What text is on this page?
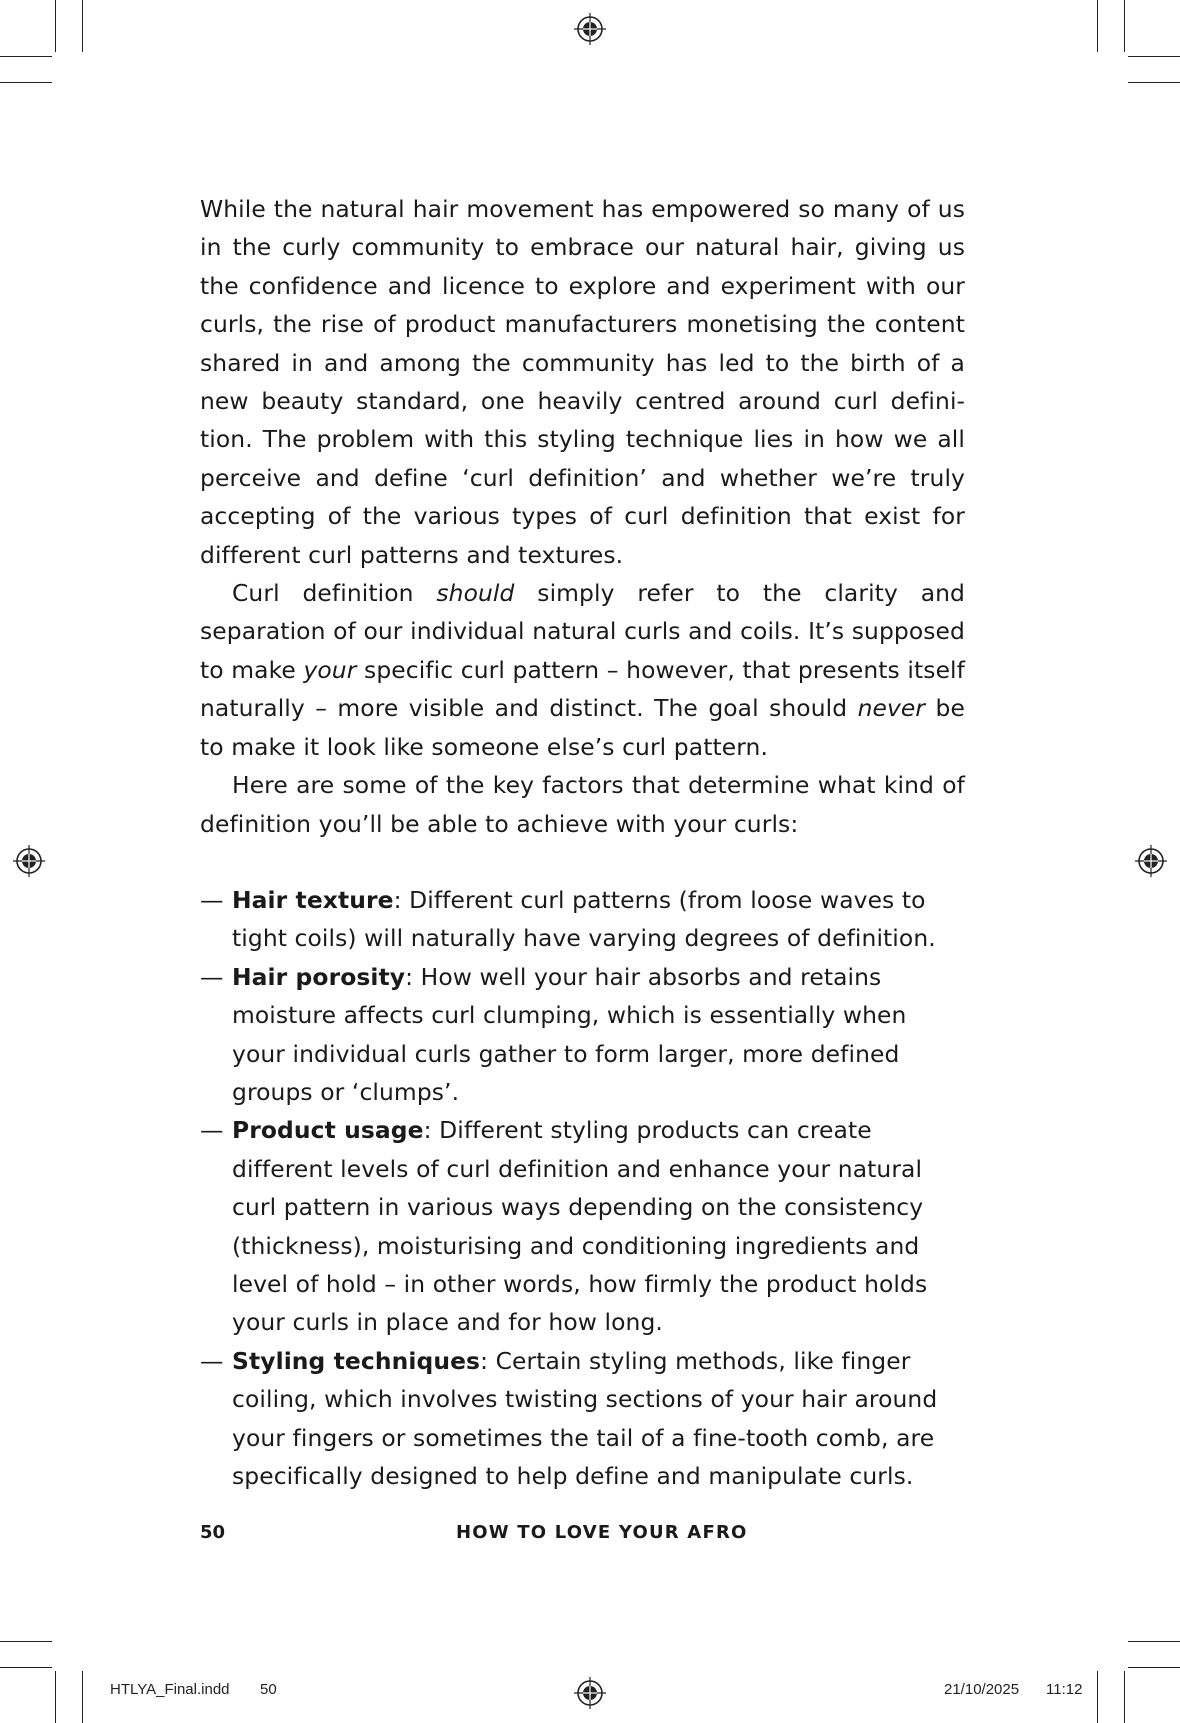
While the natural hair movement has empowered so many of us in the curly community to embrace our natural hair, giving us the confidence and licence to explore and experiment with our curls, the rise of product manufacturers monetising the content shared in and among the community has led to the birth of a new beauty standard, one heavily centred around curl definition. The problem with this styling technique lies in how we all perceive and define ‘curl definition’ and whether we’re truly accepting of the various types of curl definition that exist for different curl patterns and textures.

Curl definition should simply refer to the clarity and separation of our individual natural curls and coils. It’s supposed to make your specific curl pattern – however, that presents itself naturally – more visible and distinct. The goal should never be to make it look like someone else’s curl pattern.

Here are some of the key factors that determine what kind of definition you’ll be able to achieve with your curls:

— Hair texture: Different curl patterns (from loose waves to tight coils) will naturally have varying degrees of definition.
— Hair porosity: How well your hair absorbs and retains moisture affects curl clumping, which is essentially when your individual curls gather to form larger, more defined groups or ‘clumps’.
— Product usage: Different styling products can create different levels of curl definition and enhance your natural curl pattern in various ways depending on the consistency (thickness), moisturising and conditioning ingredients and level of hold – in other words, how firmly the product holds your curls in place and for how long.
— Styling techniques: Certain styling methods, like finger coiling, which involves twisting sections of your hair around your fingers or sometimes the tail of a fine-tooth comb, are specifically designed to help define and manipulate curls.
50	HOW TO LOVE YOUR AFRO
HTLYA_Final.indd 50	21/10/2025 11:12
